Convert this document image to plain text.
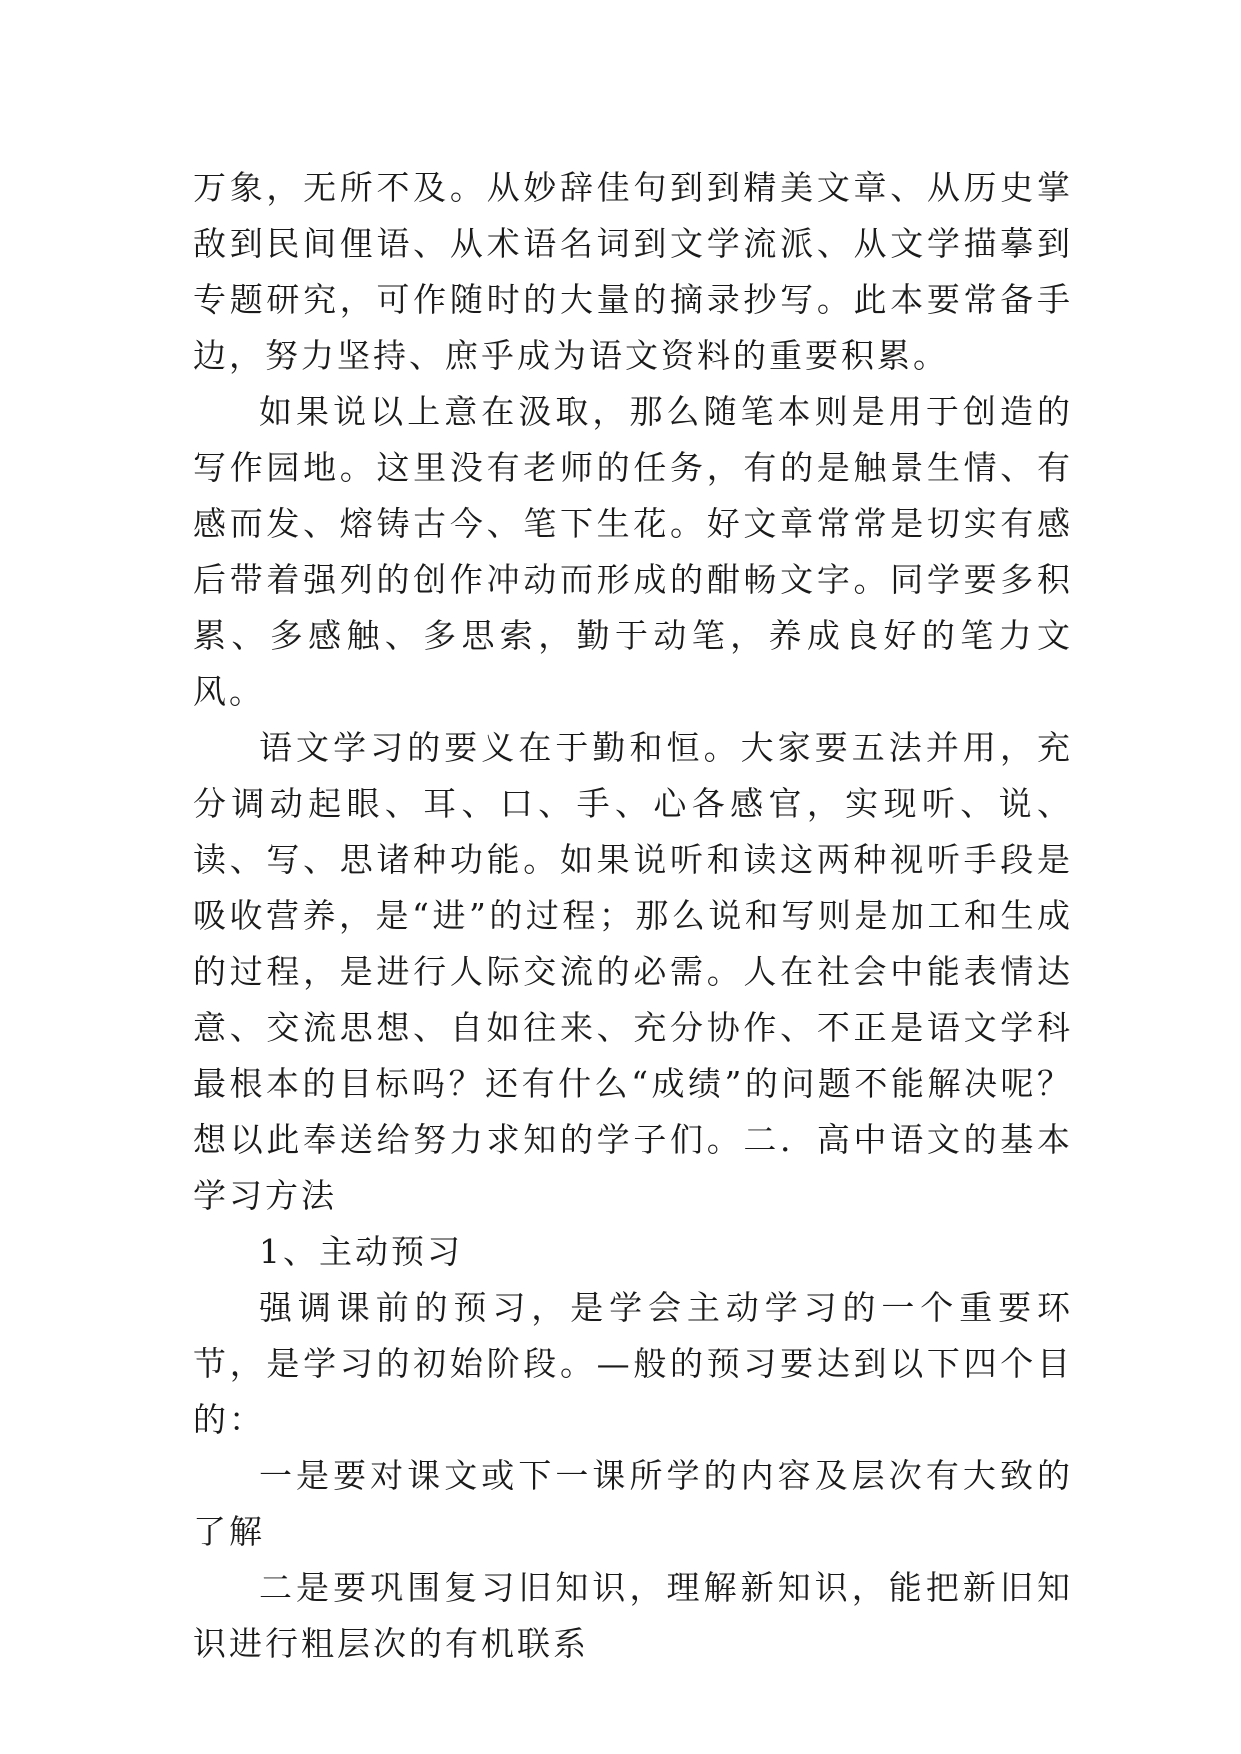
万象，无所不及。从妙辞佳句到到精美文章、从历史掌敌到民间俚语、从术语名词到文学流派、从文学描摹到专题研究，可作随时的大量的摘录抄写。此本要常备手边，努力坚持、庶乎成为语文资料的重要积累。

如果说以上意在汲取，那么随笔本则是用于创造的写作园地。这里没有老师的任务，有的是触景生情、有感而发、熔铸古今、笔下生花。好文章常常是切实有感后带着强列的创作冲动而形成的酣畅文字。同学要多积累、多感触、多思索，勤于动笔，养成良好的笔力文风。

语文学习的要义在于勤和恒。大家要五法并用，充分调动起眼、耳、口、手、心各感官，实现听、说、读、写、思诸种功能。如果说听和读这两种视听手段是吸收营养，是“进”的过程；那么说和写则是加工和生成的过程，是进行人际交流的必需。人在社会中能表情达意、交流思想、自如往来、充分协作、不正是语文学科最根本的目标吗？还有什么“成绩”的问题不能解决呢？想以此奉送给努力求知的学子们。二．高中语文的基本学习方法

1、主动预习

强调课前的预习，是学会主动学习的一个重要环节，是学习的初始阶段。—般的预习要达到以下四个目的：

一是要对课文或下一课所学的内容及层次有大致的了解

二是要巩围复习旧知识，理解新知识，能把新旧知识进行粗层次的有机联系
